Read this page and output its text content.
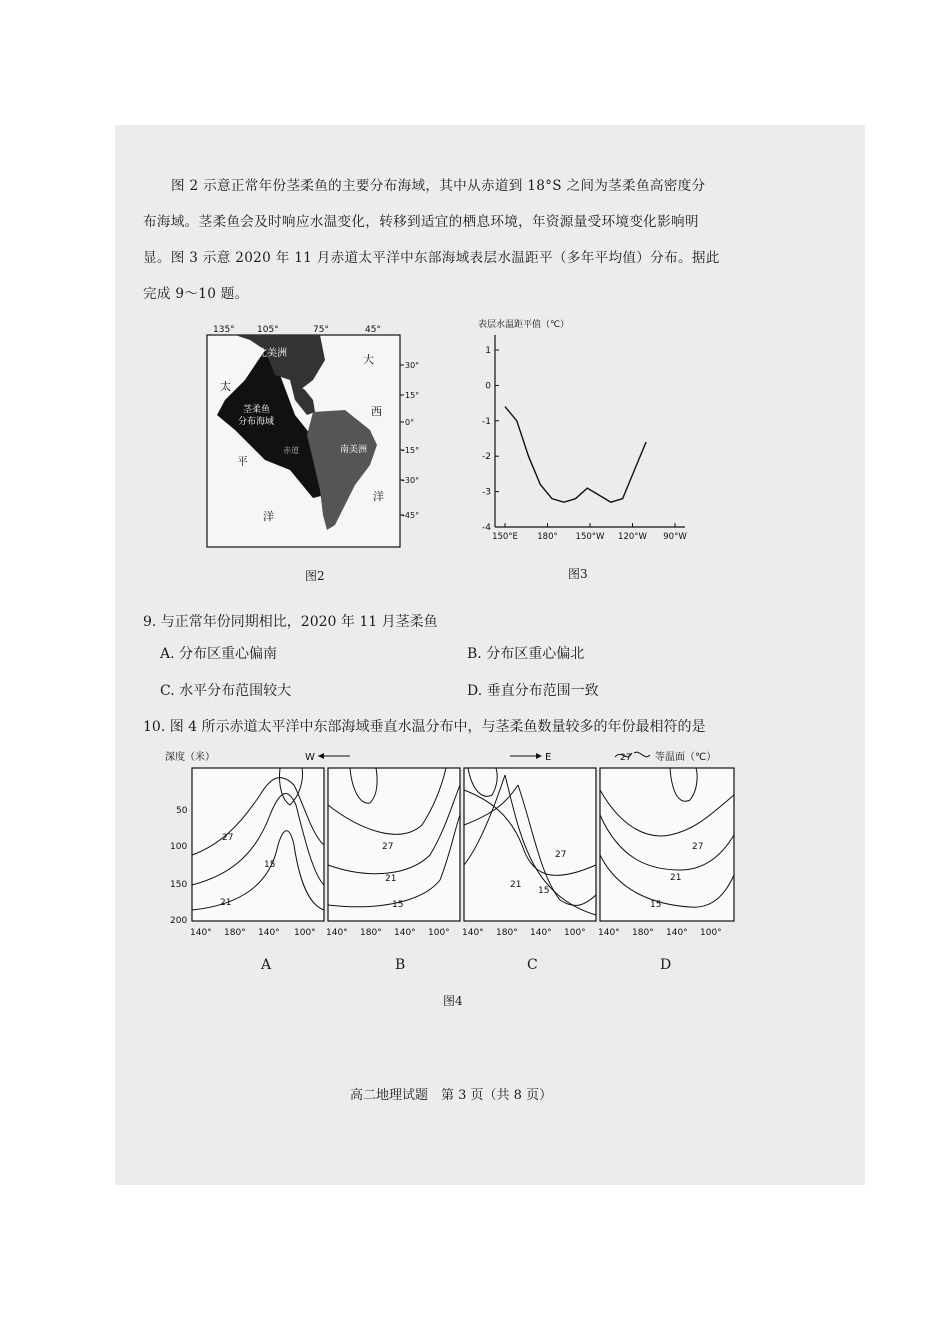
图 2 示意正常年份茎柔鱼的主要分布海域，其中从赤道到 18°S 之间为茎柔鱼高密度分

布海域。茎柔鱼会及时响应水温变化，转移到适宜的栖息环境，年资源量受环境变化影响明

显。图 3 示意 2020 年 11 月赤道太平洋中东部海域表层水温距平（多年平均值）分布。据此

完成 9～10 题。

135° 105°	75°	45°
北美洲
南美洲
茎柔鱼
分布海域
赤道
太
平
洋
大
西
洋
30°
15°
0°
-15°
-30°
-45°
图2
表层水温距平值（℃）
1
0
-1
-2
-3
-4
150°E 180° 150°W 120°W 90°W
图3
9. 与正常年份同期相比，2020 年 11 月茎柔鱼
A. 分布区重心偏南	B. 分布区重心偏北
C. 水平分布范围较大	D. 垂直分布范围一致
10. 图 4 所示赤道太平洋中东部海域垂直水温分布中，与茎柔鱼数量较多的年份最相符的是
深度（米）	W	E	27 等温面（℃）
50
100
150
200
27
21
15
27
21
15
27
21
15
27
21
15
140° 180° 140° 100° 140° 180° 140° 100° 140° 180° 140° 100° 140° 180° 140° 100°
A	B	C	D
图4
高二地理试题　第 3 页（共 8 页）
